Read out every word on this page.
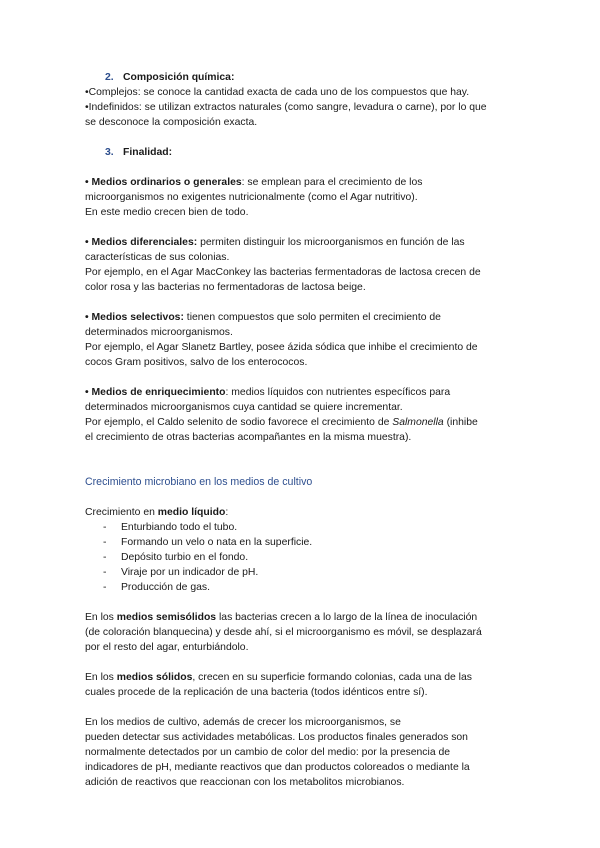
2. Composición química:
•Complejos: se conoce la cantidad exacta de cada uno de los compuestos que hay.
•Indefinidos: se utilizan extractos naturales (como sangre, levadura o carne), por lo que
se desconoce la composición exacta.
3. Finalidad:
• Medios ordinarios o generales: se emplean para el crecimiento de los
microorganismos no exigentes nutricionalmente (como el Agar nutritivo).
En este medio crecen bien de todo.
• Medios diferenciales: permiten distinguir los microorganismos en función de las
características de sus colonias.
Por ejemplo, en el Agar MacConkey las bacterias fermentadoras de lactosa crecen de
color rosa y las bacterias no fermentadoras de lactosa beige.
• Medios selectivos: tienen compuestos que solo permiten el crecimiento de
determinados microorganismos.
Por ejemplo, el Agar Slanetz Bartley, posee ázida sódica que inhibe el crecimiento de
cocos Gram positivos, salvo de los enterococos.
• Medios de enriquecimiento: medios líquidos con nutrientes específicos para
determinados microorganismos cuya cantidad se quiere incrementar.
Por ejemplo, el Caldo selenito de sodio favorece el crecimiento de Salmonella (inhibe
el crecimiento de otras bacterias acompañantes en la misma muestra).
Crecimiento microbiano en los medios de cultivo
Crecimiento en medio líquido:
- Enturbiando todo el tubo.
- Formando un velo o nata en la superficie.
- Depósito turbio en el fondo.
- Viraje por un indicador de pH.
- Producción de gas.
En los medios semisólidos las bacterias crecen a lo largo de la línea de inoculación
(de coloración blanquecina) y desde ahí, si el microorganismo es móvil, se desplazará
por el resto del agar, enturbiándolo.
En los medios sólidos, crecen en su superficie formando colonias, cada una de las
cuales procede de la replicación de una bacteria (todos idénticos entre sí).
En los medios de cultivo, además de crecer los microorganismos, se
pueden detectar sus actividades metabólicas. Los productos finales generados son
normalmente detectados por un cambio de color del medio: por la presencia de
indicadores de pH, mediante reactivos que dan productos coloreados o mediante la
adición de reactivos que reaccionan con los metabolitos microbianos.
